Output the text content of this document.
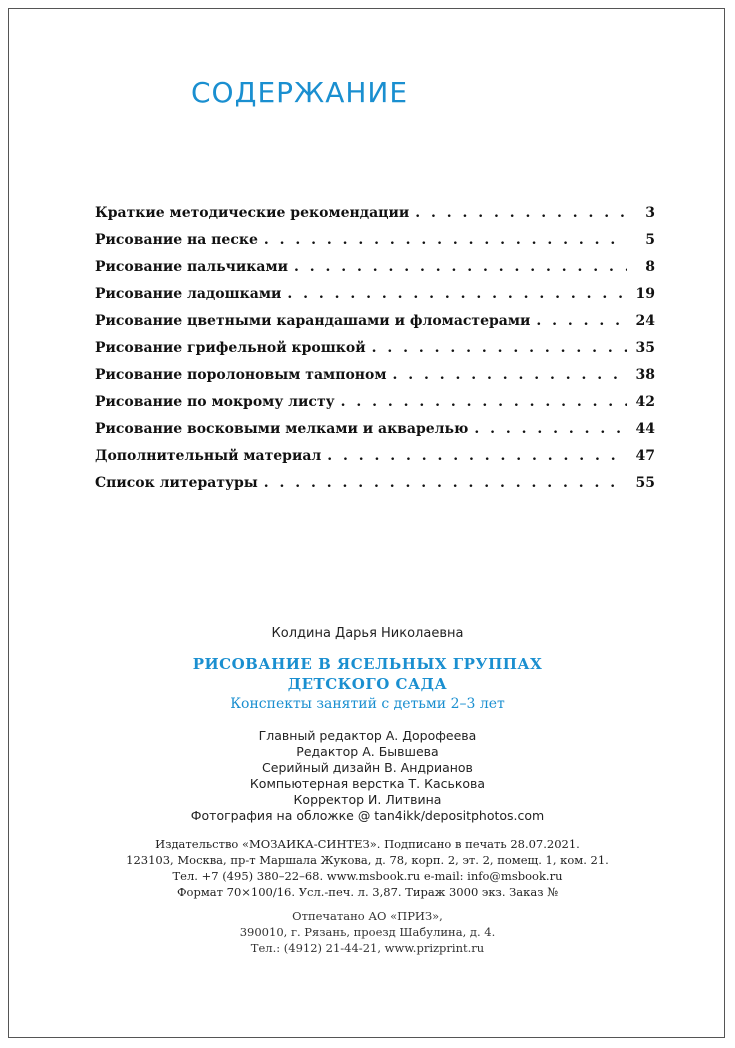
СОДЕРЖАНИЕ
Краткие методические рекомендации . . .	3
Рисование на песке . . .	5
Рисование пальчиками . . .	8
Рисование ладошками . . .	19
Рисование цветными карандашами и фломастерами . . .	24
Рисование грифельной крошкой . . .	35
Рисование поролоновым тампоном . . .	38
Рисование по мокрому листу . . .	42
Рисование восковыми мелками и акварелью . . .	44
Дополнительный материал . . .	47
Список литературы . . .	55
Колдина Дарья Николаевна
РИСОВАНИЕ В ЯСЕЛЬНЫХ ГРУППАХ
ДЕТСКОГО САДА
Конспекты занятий с детьми 2–3 лет
Главный редактор А. Дорофеева
Редактор А. Бывшева
Серийный дизайн В. Андрианов
Компьютерная верстка Т. Каськова
Корректор И. Литвина
Фотография на обложке @ tan4ikk/depositphotos.com
Издательство «МОЗАИКА-СИНТЕЗ». Подписано в печать 28.07.2021.
123103, Москва, пр-т Маршала Жукова, д. 78, корп. 2, эт. 2, помещ. 1, ком. 21.
Тел. +7 (495) 380–22–68. www.msbook.ru e-mail: info@msbook.ru
Формат 70×100/16. Усл.-печ. л. 3,87. Тираж 3000 экз. Заказ №
Отпечатано АО «ПРИЗ»,
390010, г. Рязань, проезд Шабулина, д. 4.
Тел.: (4912) 21-44-21, www.prizprint.ru
